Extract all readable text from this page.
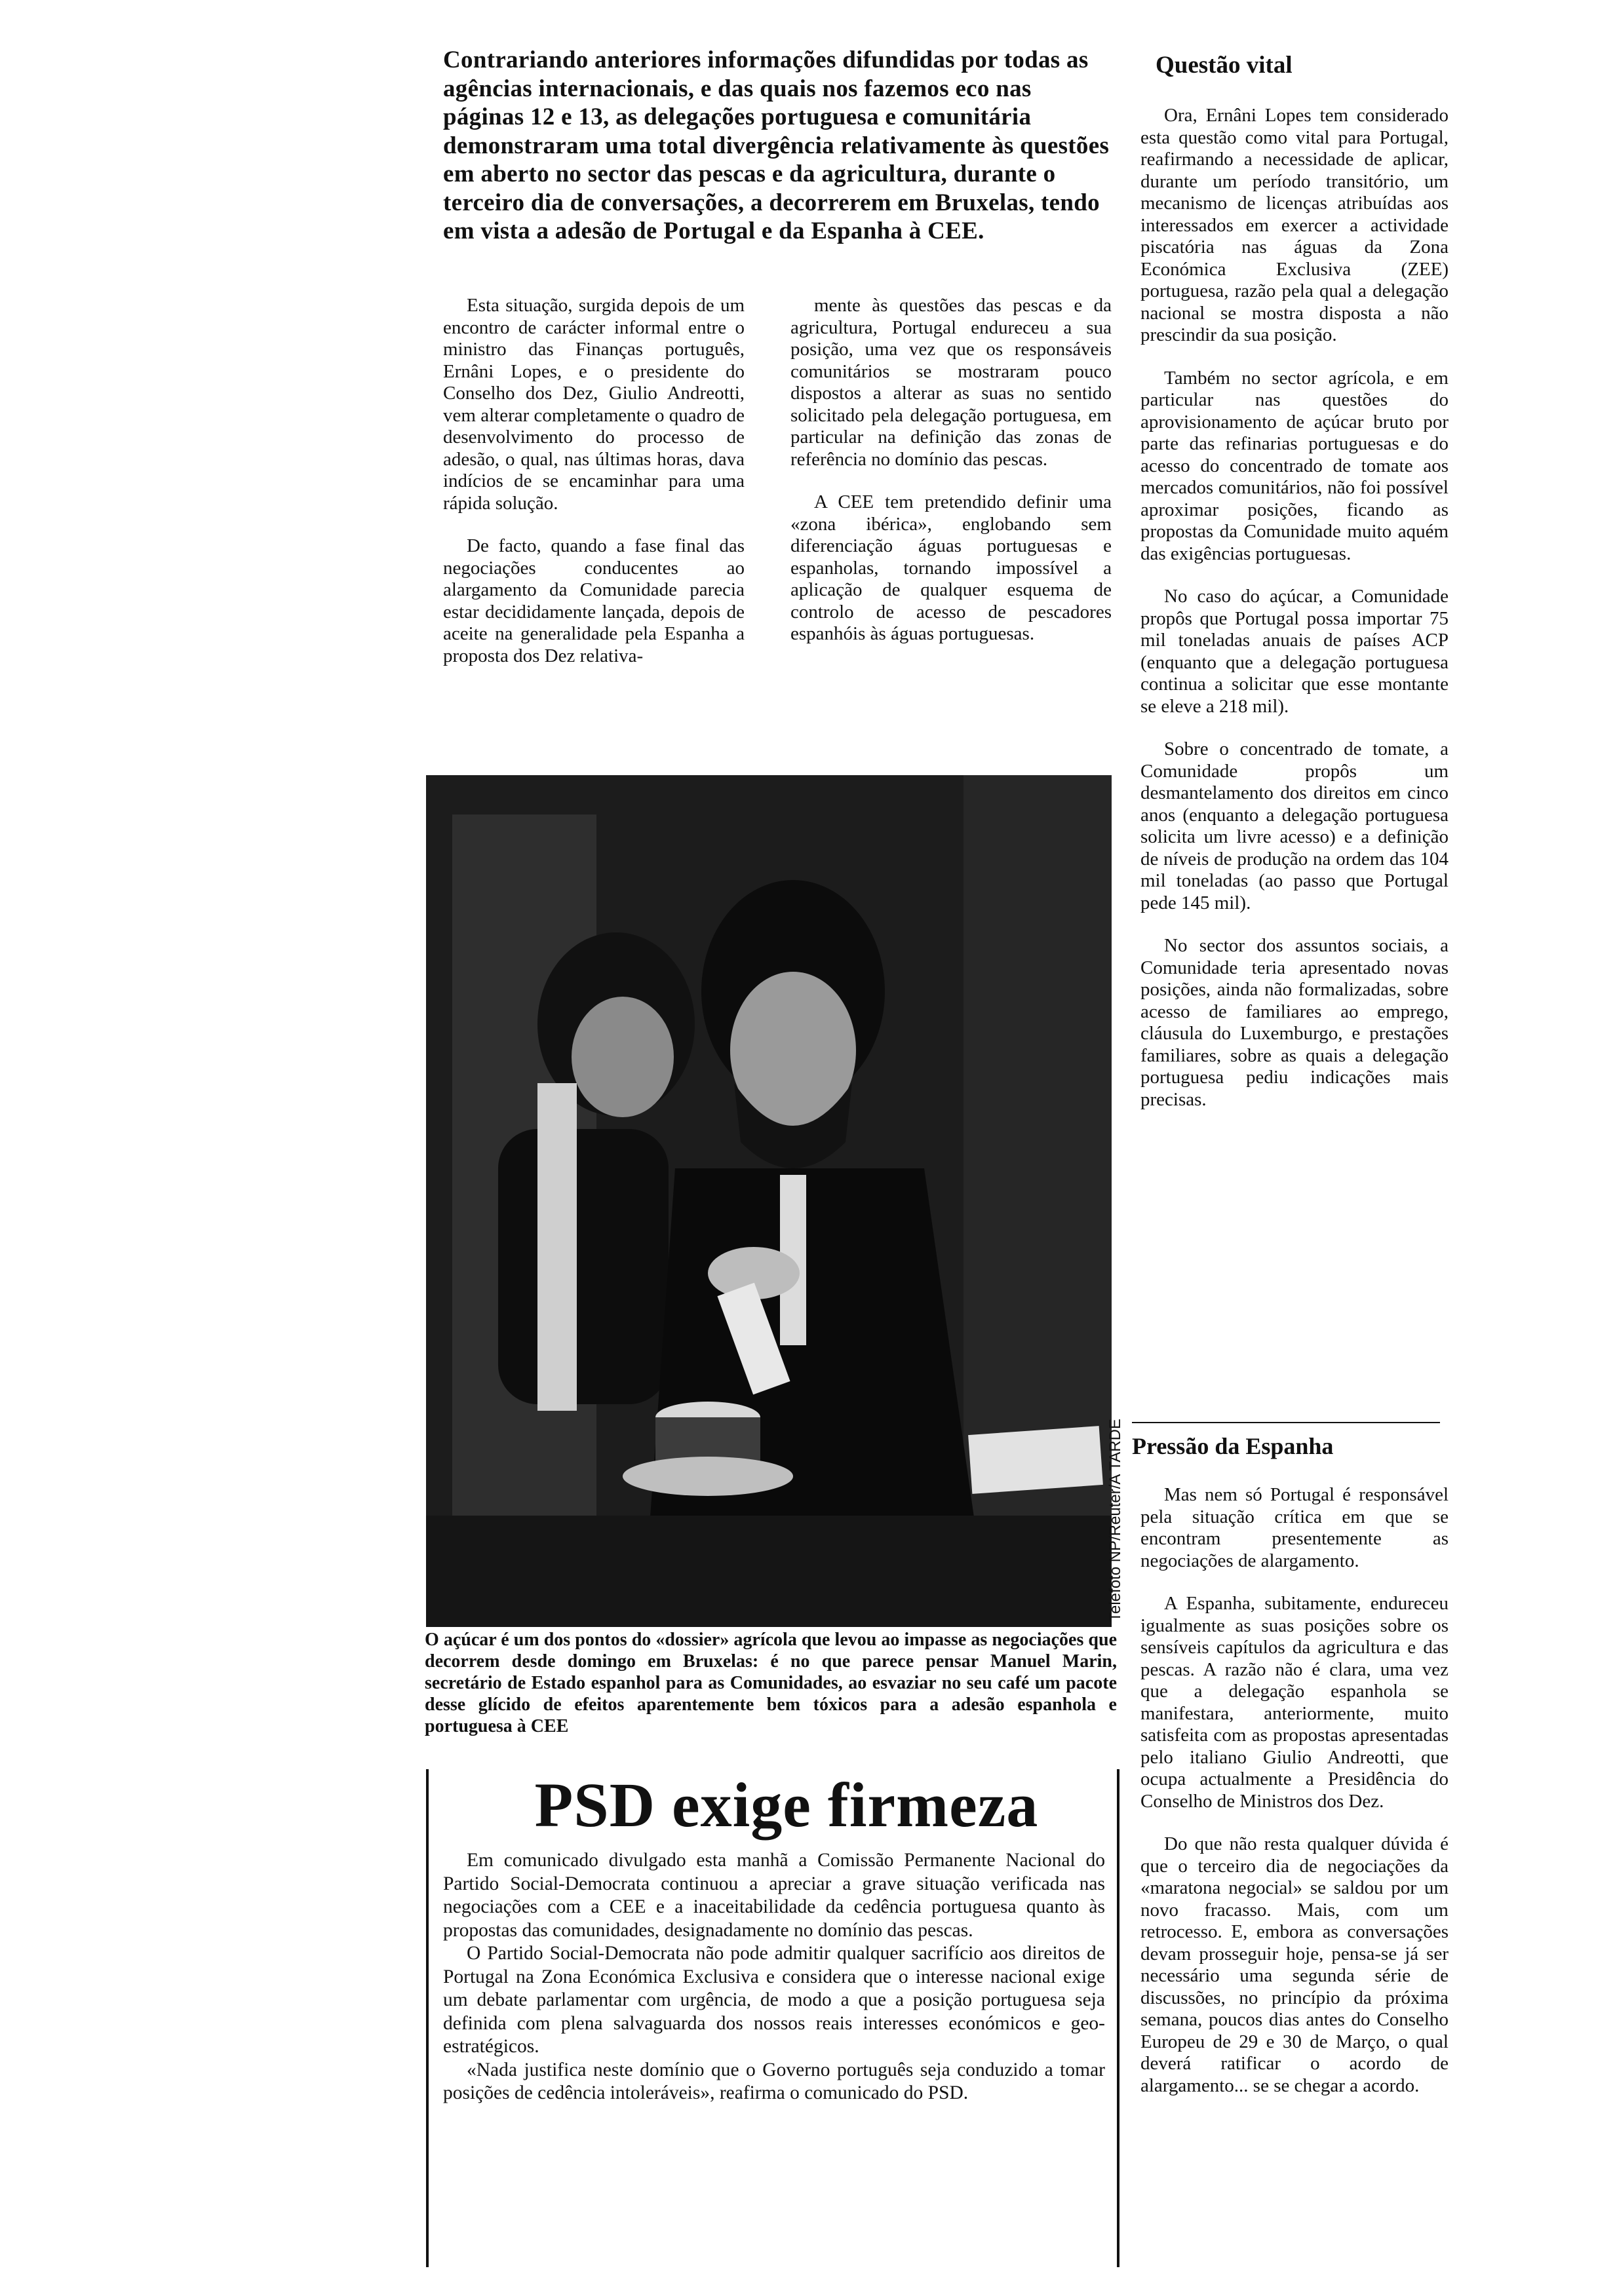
Contrariando anteriores informações difundidas por todas as agências internacionais, e das quais nos fazemos eco nas páginas 12 e 13, as delegações portuguesa e comunitária demonstraram uma total divergência relativamente às questões em aberto no sector das pescas e da agricultura, durante o terceiro dia de conversações, a decorrerem em Bruxelas, tendo em vista a adesão de Portugal e da Espanha à CEE.

Esta situação, surgida depois de um encontro de carácter informal entre o ministro das Finanças português, Ernâni Lopes, e o presidente do Conselho dos Dez, Giulio Andreotti, vem alterar completamente o quadro de desenvolvimento do processo de adesão, o qual, nas últimas horas, dava indícios de se encaminhar para uma rápida solução.

De facto, quando a fase final das negociações conducentes ao alargamento da Comunidade parecia estar decididamente lançada, depois de aceite na generalidade pela Espanha a proposta dos Dez relativa-

mente às questões das pescas e da agricultura, Portugal endureceu a sua posição, uma vez que os responsáveis comunitários se mostraram pouco dispostos a alterar as suas no sentido solicitado pela delegação portuguesa, em particular na definição das zonas de referência no domínio das pescas.

A CEE tem pretendido definir uma «zona ibérica», englobando sem diferenciação águas portuguesas e espanholas, tornando impossível a aplicação de qualquer esquema de controlo de acesso de pescadores espanhóis às águas portuguesas.

Questão vital

Ora, Ernâni Lopes tem considerado esta questão como vital para Portugal, reafirmando a necessidade de aplicar, durante um período transitório, um mecanismo de licenças atribuídas aos interessados em exercer a actividade piscatória nas águas da Zona Económica Exclusiva (ZEE) portuguesa, razão pela qual a delegação nacional se mostra disposta a não prescindir da sua posição.

Também no sector agrícola, e em particular nas questões do aprovisionamento de açúcar bruto por parte das refinarias portuguesas e do acesso do concentrado de tomate aos mercados comunitários, não foi possível aproximar posições, ficando as propostas da Comunidade muito aquém das exigências portuguesas.

No caso do açúcar, a Comunidade propôs que Portugal possa importar 75 mil toneladas anuais de países ACP (enquanto que a delegação portuguesa continua a solicitar que esse montante se eleve a 218 mil).

Sobre o concentrado de tomate, a Comunidade propôs um desmantelamento dos direitos em cinco anos (enquanto a delegação portuguesa solicita um livre acesso) e a definição de níveis de produção na ordem das 104 mil toneladas (ao passo que Portugal pede 145 mil).

No sector dos assuntos sociais, a Comunidade teria apresentado novas posições, ainda não formalizadas, sobre acesso de familiares ao emprego, cláusula do Luxemburgo, e prestações familiares, sobre as quais a delegação portuguesa pediu indicações mais precisas.

Pressão da Espanha

Mas nem só Portugal é responsável pela situação crítica em que se encontram presentemente as negociações de alargamento.

A Espanha, subitamente, endureceu igualmente as suas posições sobre os sensíveis capítulos da agricultura e das pescas. A razão não é clara, uma vez que a delegação espanhola se manifestara, anteriormente, muito satisfeita com as propostas apresentadas pelo italiano Giulio Andreotti, que ocupa actualmente a Presidência do Conselho de Ministros dos Dez.

Do que não resta qualquer dúvida é que o terceiro dia de negociações da «maratona negocial» se saldou por um novo fracasso. Mais, com um retrocesso. E, embora as conversações devam prosseguir hoje, pensa-se já ser necessário uma segunda série de discussões, no princípio da próxima semana, poucos dias antes do Conselho Europeu de 29 e 30 de Março, o qual deverá ratificar o acordo de alargamento... se se chegar a acordo.

Telefoto NP/Reuter/A TARDE

O açúcar é um dos pontos do «dossier» agrícola que levou ao impasse as negociações que decorrem desde domingo em Bruxelas: é no que parece pensar Manuel Marin, secretário de Estado espanhol para as Comunidades, ao esvaziar no seu café um pacote desse glícido de efeitos aparentemente bem tóxicos para a adesão espanhola e portuguesa à CEE

PSD exige firmeza

Em comunicado divulgado esta manhã a Comissão Permanente Nacional do Partido Social-Democrata continuou a apreciar a grave situação verificada nas negociações com a CEE e a inaceitabilidade da cedência portuguesa quanto às propostas das comunidades, designadamente no domínio das pescas.

O Partido Social-Democrata não pode admitir qualquer sacrifício aos direitos de Portugal na Zona Económica Exclusiva e considera que o interesse nacional exige um debate parlamentar com urgência, de modo a que a posição portuguesa seja definida com plena salvaguarda dos nossos reais interesses económicos e geo-estratégicos.

«Nada justifica neste domínio que o Governo português seja conduzido a tomar posições de cedência intoleráveis», reafirma o comunicado do PSD.
